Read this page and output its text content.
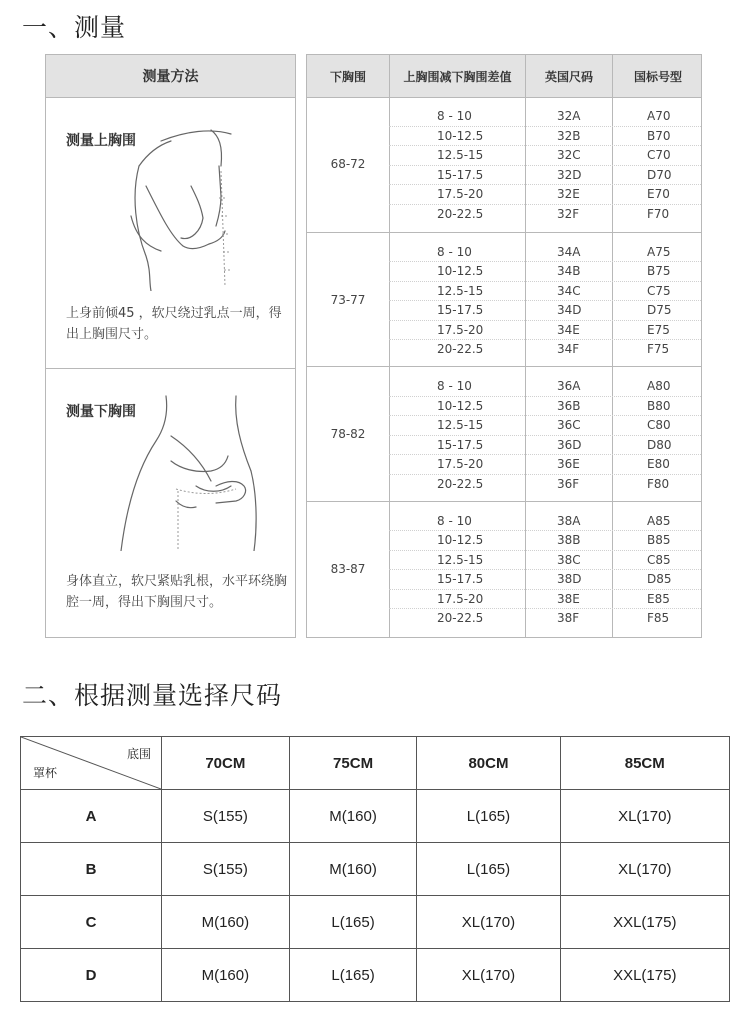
一、测量
测量方法
测量上胸围
上身前倾45 ，软尺绕过乳点一周，得出上胸围尺寸。
测量下胸围
身体直立，软尺紧贴乳根，水平环绕胸腔一周，得出下胸围尺寸。
下胸围	上胸围减下胸围差值	英国尺码	国标号型
68-72
8 - 10	32A	A70
10-12.5	32B	B70
12.5-15	32C	C70
15-17.5	32D	D70
17.5-20	32E	E70
20-22.5	32F	F70
73-77
8 - 10	34A	A75
10-12.5	34B	B75
12.5-15	34C	C75
15-17.5	34D	D75
17.5-20	34E	E75
20-22.5	34F	F75
78-82
8 - 10	36A	A80
10-12.5	36B	B80
12.5-15	36C	C80
15-17.5	36D	D80
17.5-20	36E	E80
20-22.5	36F	F80
83-87
8 - 10	38A	A85
10-12.5	38B	B85
12.5-15	38C	C85
15-17.5	38D	D85
17.5-20	38E	E85
20-22.5	38F	F85
二、根据测量选择尺码
底围
罩杯	70CM	75CM	80CM	85CM
A	S(155)	M(160)	L(165)	XL(170)
B	S(155)	M(160)	L(165)	XL(170)
C	M(160)	L(165)	XL(170)	XXL(175)
D	M(160)	L(165)	XL(170)	XXL(175)
